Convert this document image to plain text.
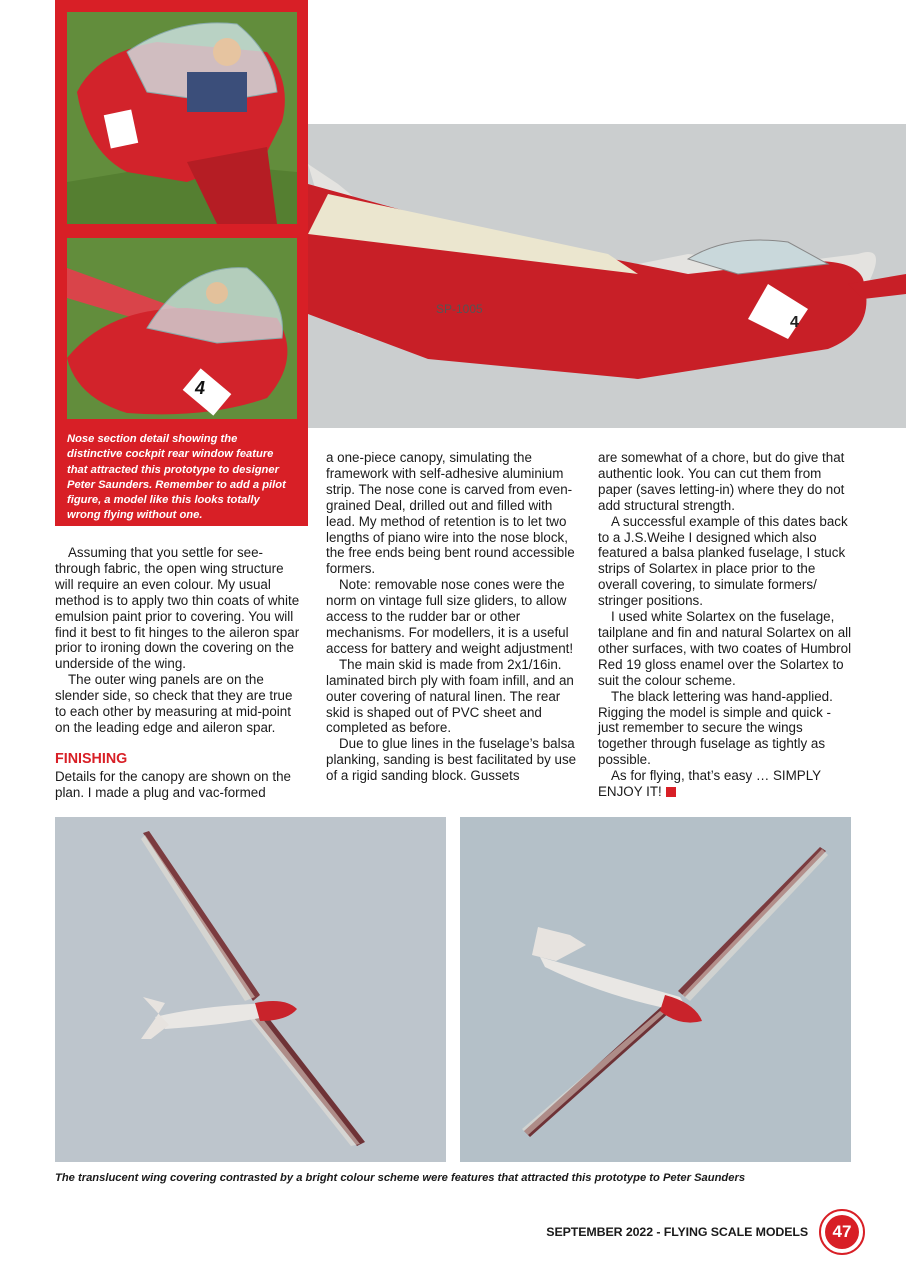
4
Nose section detail showing the distinctive cockpit rear window feature that attracted this prototype to designer Peter Saunders. Remember to add a pilot figure, a model like this looks totally wrong flying without one.
SP-1005
4

Assuming that you settle for see-through fabric, the open wing structure will require an even colour. My usual method is to apply two thin coats of white emulsion paint prior to covering. You will find it best to fit hinges to the aileron spar prior to ironing down the covering on the underside of the wing.

The outer wing panels are on the slender side, so check that they are true to each other by measuring at mid-point on the leading edge and aileron spar.

FINISHING

Details for the canopy are shown on the plan. I made a plug and vac-formed

a one-piece canopy, simulating the framework with self-adhesive aluminium strip. The nose cone is carved from even-grained Deal, drilled out and filled with lead. My method of retention is to let two lengths of piano wire into the nose block, the free ends being bent round accessible formers.

Note: removable nose cones were the norm on vintage full size gliders, to allow access to the rudder bar or other mechanisms. For modellers, it is a useful access for battery and weight adjustment!

The main skid is made from 2x1/16in. laminated birch ply with foam infill, and an outer covering of natural linen. The rear skid is shaped out of PVC sheet and completed as before.

Due to glue lines in the fuselage’s balsa planking, sanding is best facilitated by use of a rigid sanding block. Gussets

are somewhat of a chore, but do give that authentic look. You can cut them from paper (saves letting-in) where they do not add structural strength.

A successful example of this dates back to a J.S.Weihe I designed which also featured a balsa planked fuselage, I stuck strips of Solartex in place prior to the overall covering, to simulate formers/ stringer positions.

I used white Solartex on the fuselage, tailplane and fin and natural Solartex on all other surfaces, with two coates of Humbrol Red 19 gloss enamel over the Solartex to suit the colour scheme.

The black lettering was hand-applied. Rigging the model is simple and quick - just remember to secure the wings together through fuselage as tightly as possible.

As for flying, that’s easy … SIMPLY ENJOY IT!

The translucent wing covering contrasted by a bright colour scheme were features that attracted this prototype to Peter Saunders
SEPTEMBER 2022 - FLYING SCALE MODELS	47
